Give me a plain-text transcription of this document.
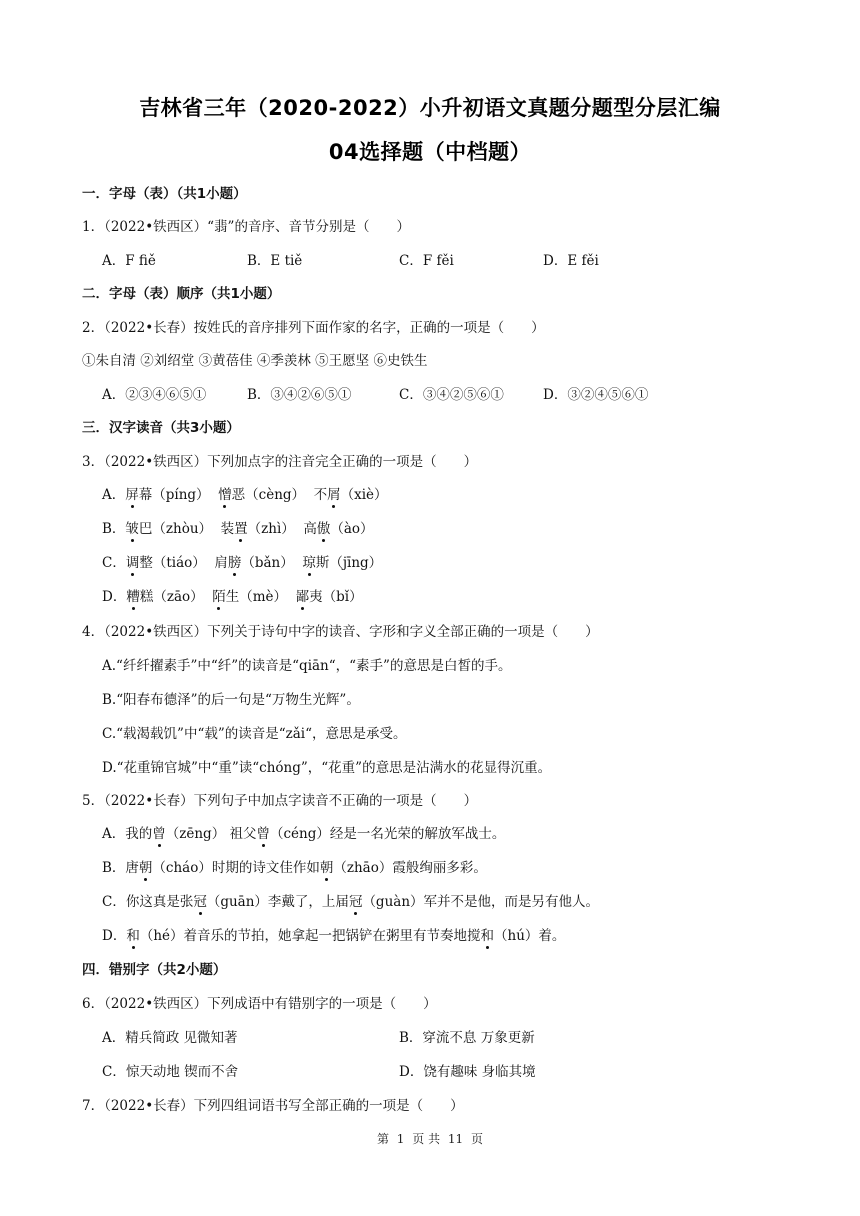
吉林省三年（2020-2022）小升初语文真题分题型分层汇编
04选择题（中档题）
一．字母（表）（共1小题）
1．（2022•铁西区）“翡”的音序、音节分别是（　　）
A．F fiě	B．E tiě	C．F fěi	D．E fěi
二．字母（表）顺序（共1小题）
2．（2022•长春）按姓氏的音序排列下面作家的名字，正确的一项是（　　）
①朱自清 ②刘绍堂 ③黄蓓佳 ④季羡林 ⑤王愿坚 ⑥史铁生
A．②③④⑥⑤①	B．③④②⑥⑤①	C．③④②⑤⑥①	D．③②④⑤⑥①
三．汉字读音（共3小题）
3．（2022•铁西区）下列加点字的注音完全正确的一项是（　　）
A．屏幕（píng） 憎恶（cèng） 不屑（xiè）
B．皱巴（zhòu） 装置（zhì） 高傲（ào）
C．调整（tiáo） 肩膀（bǎn） 琼斯（jīng）
D．糟糕（zāo） 陌生（mè） 鄙夷（bǐ）
4．（2022•铁西区）下列关于诗句中字的读音、字形和字义全部正确的一项是（　　）
A.“纤纤擢素手”中“纤”的读音是“qiān“，“素手”的意思是白皙的手。
B.“阳春布德泽”的后一句是“万物生光辉”。
C.“载渴载饥”中“载”的读音是“zǎi“，意思是承受。
D.“花重锦官城”中“重”读“chóng”，“花重”的意思是沾满水的花显得沉重。
5．（2022•长春）下列句子中加点字读音不正确的一项是（　　）
A．我的曾（zēng） 祖父曾（céng）经是一名光荣的解放军战士。
B．唐朝（cháo）时期的诗文佳作如朝（zhāo）霞般绚丽多彩。
C．你这真是张冠（guān）李戴了，上届冠（guàn）军并不是他，而是另有他人。
D．和（hé）着音乐的节拍，她拿起一把锅铲在粥里有节奏地搅和（hú）着。
四．错别字（共2小题）
6．（2022•铁西区）下列成语中有错别字的一项是（　　）
A．精兵简政 见微知著	B．穿流不息 万象更新
C．惊天动地 锲而不舍	D．饶有趣味 身临其境
7．（2022•长春）下列四组词语书写全部正确的一项是（　　）
第 1 页 共 11 页
